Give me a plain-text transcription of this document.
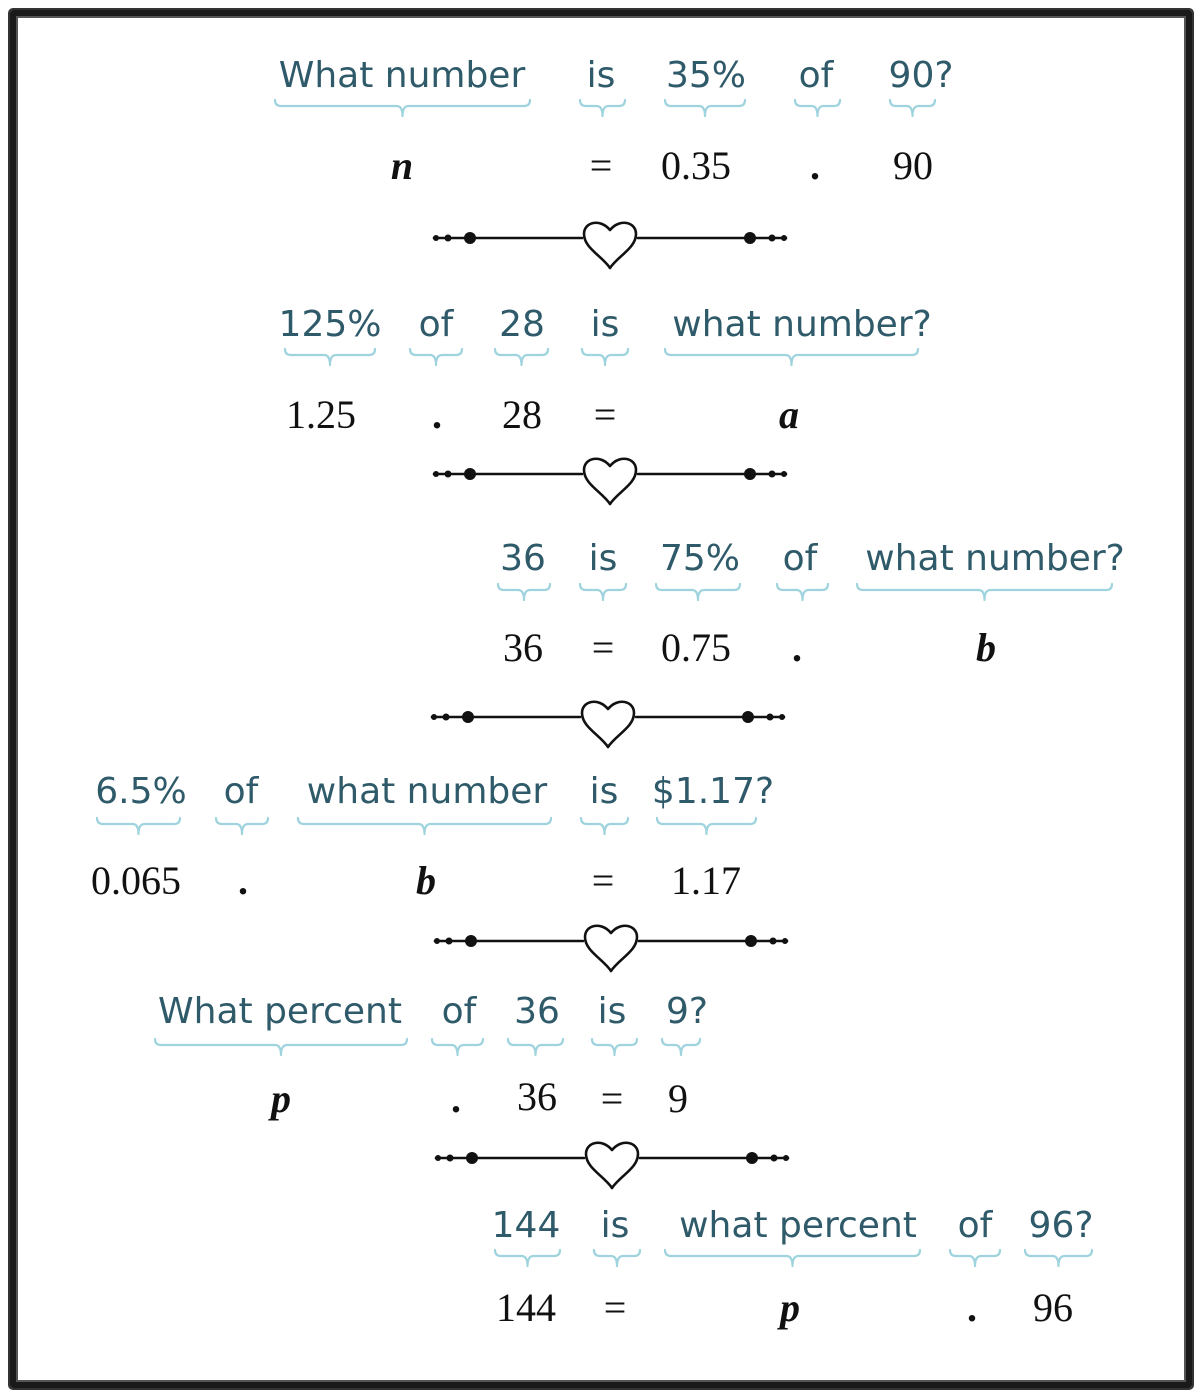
What number is 35% of 90?
n	= 0.35 . 90
125% of 28 is what number?
1.25 . 28 =	a
36 is 75% of what number?
36 = 0.75 .	b
6.5% of what number is $1.17?
0.065 .	b	= 1.17
What percent of 36 is 9?
p	. 36 = 9
144 is what percent of 96?
144 =	p	. 96
